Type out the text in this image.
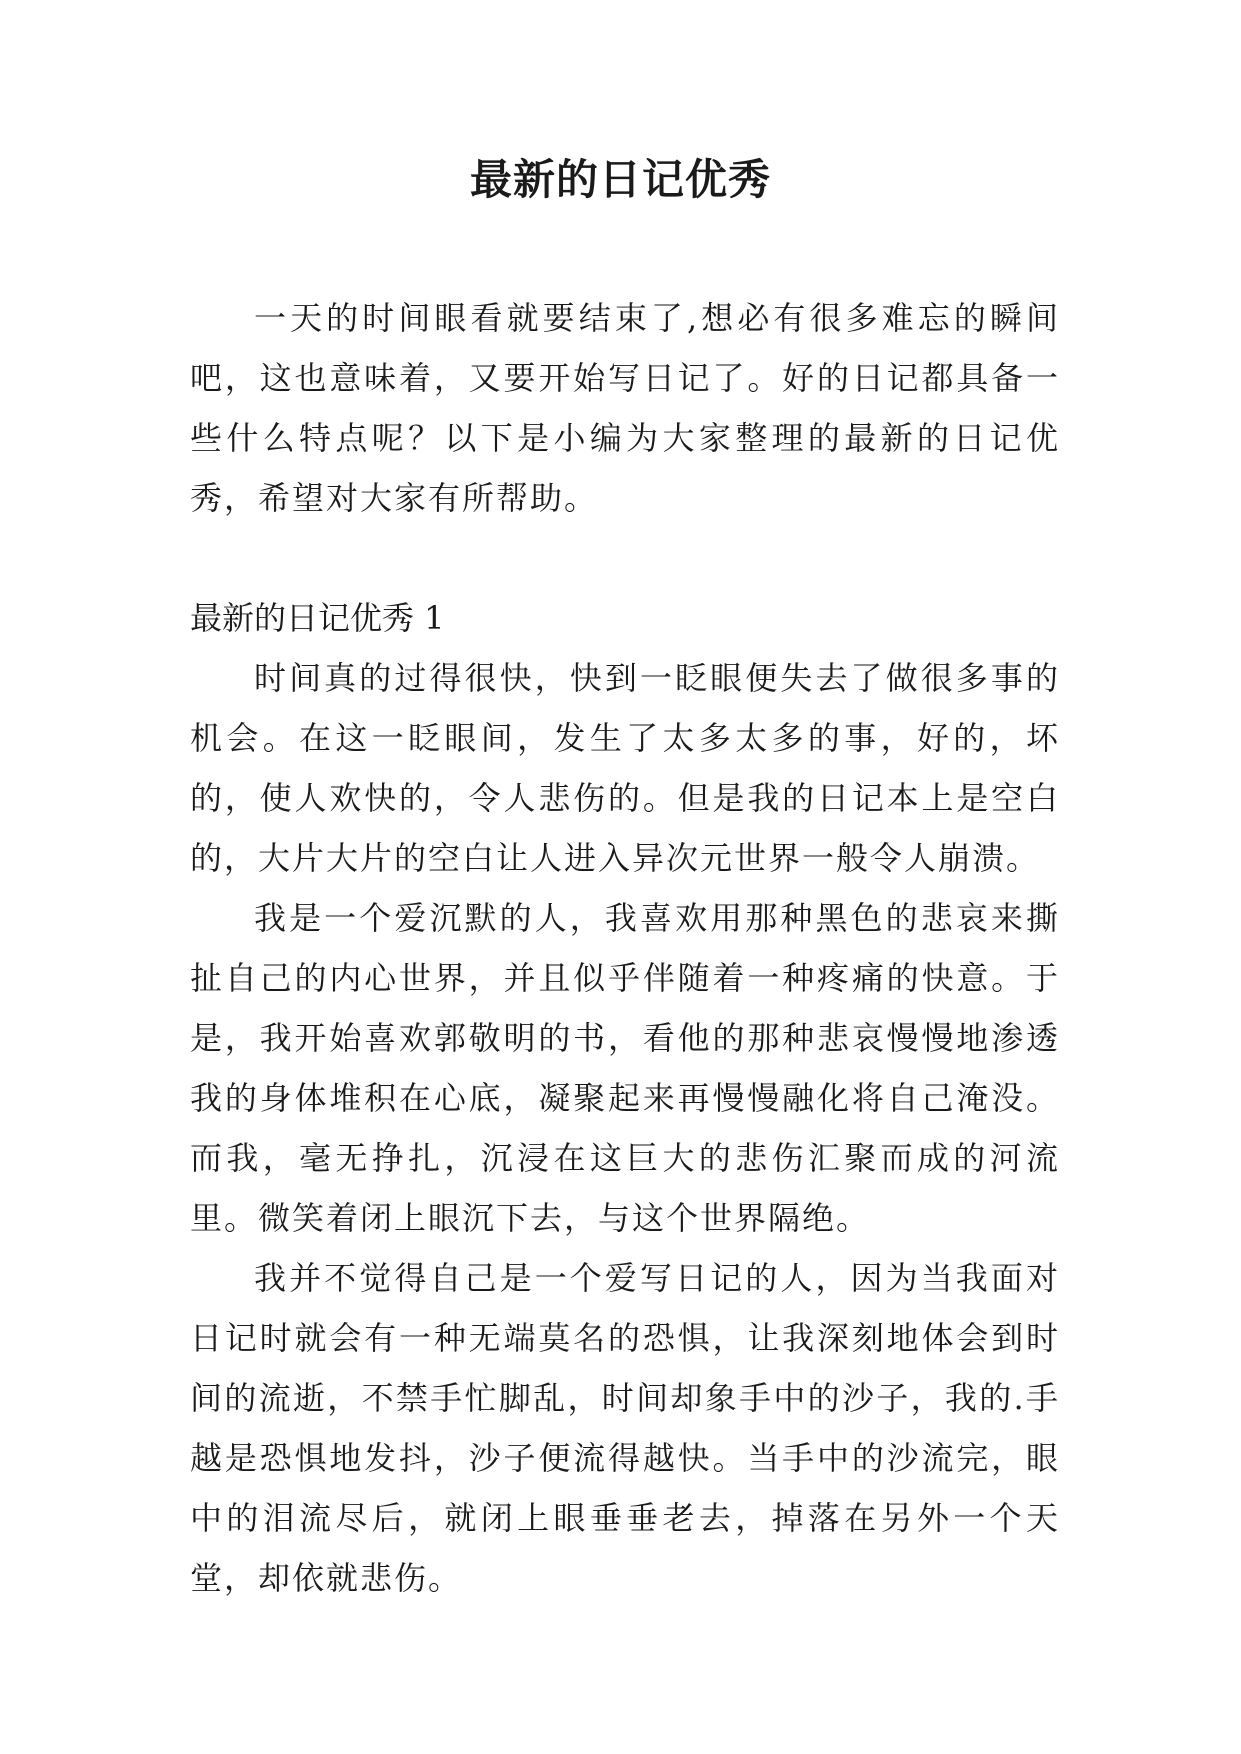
最新的日记优秀

一天的时间眼看就要结束了,想必有很多难忘的瞬间吧，这也意味着，又要开始写日记了。好的日记都具备一些什么特点呢？以下是小编为大家整理的最新的日记优秀，希望对大家有所帮助。

最新的日记优秀 1

时间真的过得很快，快到一眨眼便失去了做很多事的机会。在这一眨眼间，发生了太多太多的事，好的，坏的，使人欢快的，令人悲伤的。但是我的日记本上是空白的，大片大片的空白让人进入异次元世界一般令人崩溃。

我是一个爱沉默的人，我喜欢用那种黑色的悲哀来撕扯自己的内心世界，并且似乎伴随着一种疼痛的快意。于是，我开始喜欢郭敬明的书，看他的那种悲哀慢慢地渗透我的身体堆积在心底，凝聚起来再慢慢融化将自己淹没。而我，毫无挣扎，沉浸在这巨大的悲伤汇聚而成的河流里。微笑着闭上眼沉下去，与这个世界隔绝。

我并不觉得自己是一个爱写日记的人，因为当我面对日记时就会有一种无端莫名的恐惧，让我深刻地体会到时间的流逝，不禁手忙脚乱，时间却象手中的沙子，我的.手越是恐惧地发抖，沙子便流得越快。当手中的沙流完，眼中的泪流尽后，就闭上眼垂垂老去，掉落在另外一个天堂，却依就悲伤。
